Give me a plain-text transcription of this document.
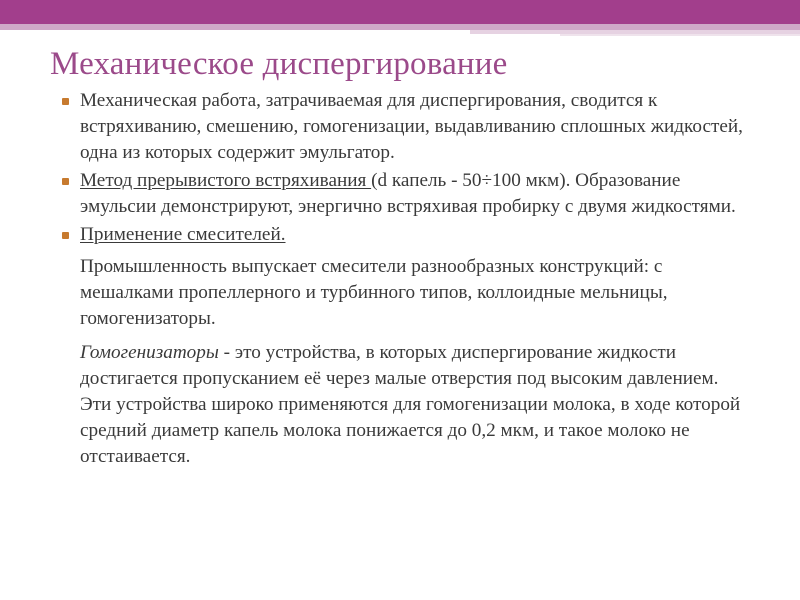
Механическое диспергирование
Механическая работа, затрачиваемая для диспергирования, сводится к встряхиванию, смешению, гомогенизации, выдавливанию сплошных жидкостей, одна из которых содержит эмульгатор.
Метод прерывистого встряхивания (d капель - 50÷100 мкм). Образование эмульсии демонстрируют, энергично встряхивая пробирку с двумя жидкостями.
Применение смесителей.
Промышленность выпускает смесители разнообразных конструкций: с мешалками пропеллерного и турбинного типов, коллоидные мельницы, гомогенизаторы.
Гомогенизаторы - это устройства, в которых диспергирование жидкости достигается пропусканием её через малые отверстия под высоким давлением. Эти устройства широко применяются для гомогенизации молока, в ходе которой средний диаметр капель молока понижается до 0,2 мкм, и такое молоко не отстаивается.
